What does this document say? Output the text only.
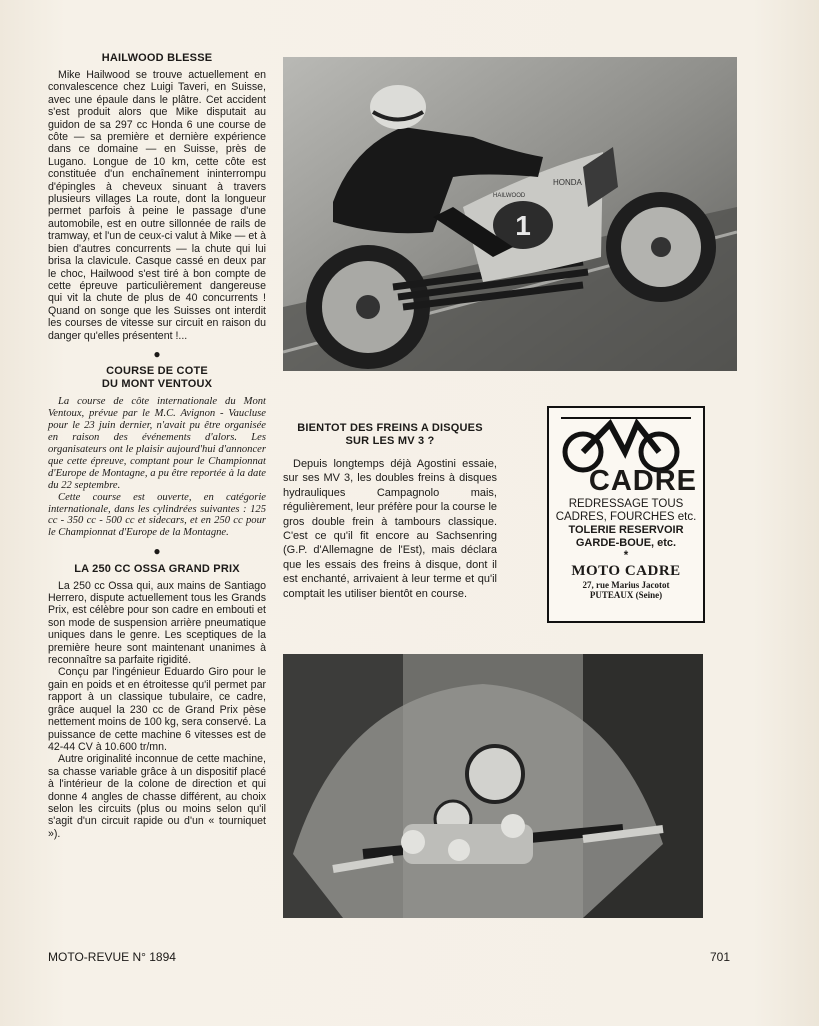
HAILWOOD BLESSE

Mike Hailwood se trouve actuellement en convalescence chez Luigi Taveri, en Suisse, avec une épaule dans le plâtre. Cet accident s'est produit alors que Mike disputait au guidon de sa 297 cc Honda 6 une course de côte — sa première et dernière expérience dans ce domaine — en Suisse, près de Lugano. Longue de 10 km, cette côte est constituée d'un enchaînement ininterrompu d'épingles à cheveux sinuant à travers plusieurs villages La route, dont la longueur permet parfois à peine le passage d'une automobile, est en outre sillonnée de rails de tramway, et l'un de ceux-ci valut à Mike — et à bien d'autres concurrents — la chute qui lui brisa la clavicule. Casque cassé en deux par le choc, Hailwood s'est tiré à bon compte de cette épreuve particulièrement dangereuse qui vit la chute de plus de 40 concurrents ! Quand on songe que les Suisses ont interdit les courses de vitesse sur circuit en raison du danger qu'elles présentent !...

●
COURSE DE COTE
DU MONT VENTOUX

La course de côte internationale du Mont Ventoux, prévue par le M.C. Avignon - Vaucluse pour le 23 juin dernier, n'avait pu être organisée en raison des événements d'alors. Les organisateurs ont le plaisir aujourd'hui d'annoncer que cette épreuve, comptant pour le Championnat d'Europe de Montagne, a pu être reportée à la date du 22 septembre.

Cette course est ouverte, en catégorie internationale, dans les cylindrées suivantes : 125 cc - 350 cc - 500 cc et sidecars, et en 250 cc pour le Championnat d'Europe de la Montagne.

●
LA 250 CC OSSA GRAND PRIX

La 250 cc Ossa qui, aux mains de Santiago Herrero, dispute actuellement tous les Grands Prix, est célèbre pour son cadre en embouti et son mode de suspension arrière pneumatique uniques dans le genre. Les sceptiques de la première heure sont maintenant unanimes à reconnaître sa parfaite rigidité.

Conçu par l'ingénieur Eduardo Giro pour le gain en poids et en étroitesse qu'il permet par rapport à un classique tubulaire, ce cadre, grâce auquel la 230 cc de Grand Prix pèse nettement moins de 100 kg, sera conservé. La puissance de cette machine 6 vitesses est de 42-44 CV à 10.600 tr/mn.

Autre originalité inconnue de cette machine, sa chasse variable grâce à un dispositif placé à l'intérieur de la colone de direction et qui donne 4 angles de chasse différent, au choix selon les circuits (plus ou moins selon qu'il s'agit d'un circuit rapide ou d'un « tourniquet »).

1
HONDA
HAILWOOD
BIENTOT DES FREINS A DISQUES
SUR LES MV 3 ?

Depuis longtemps déjà Agostini essaie, sur ses MV 3, les doubles freins à disques hydrauliques Campagnolo mais, régulièrement, leur préfère pour la course le gros double frein à tambours classique. C'est ce qu'il fit encore au Sachsenring (G.P. d'Allemagne de l'Est), mais déclara que les essais des freins à disque, dont il est enchanté, arrivaient à leur terme et qu'il comptait les utiliser bientôt en course.

CADRE
REDRESSAGE TOUS
CADRES, FOURCHES etc.
TOLERIE RESERVOIR
GARDE-BOUE, etc.
*
MOTO CADRE
27, rue Marius Jacotot
PUTEAUX (Seine)
MOTO-REVUE N° 1894	701
